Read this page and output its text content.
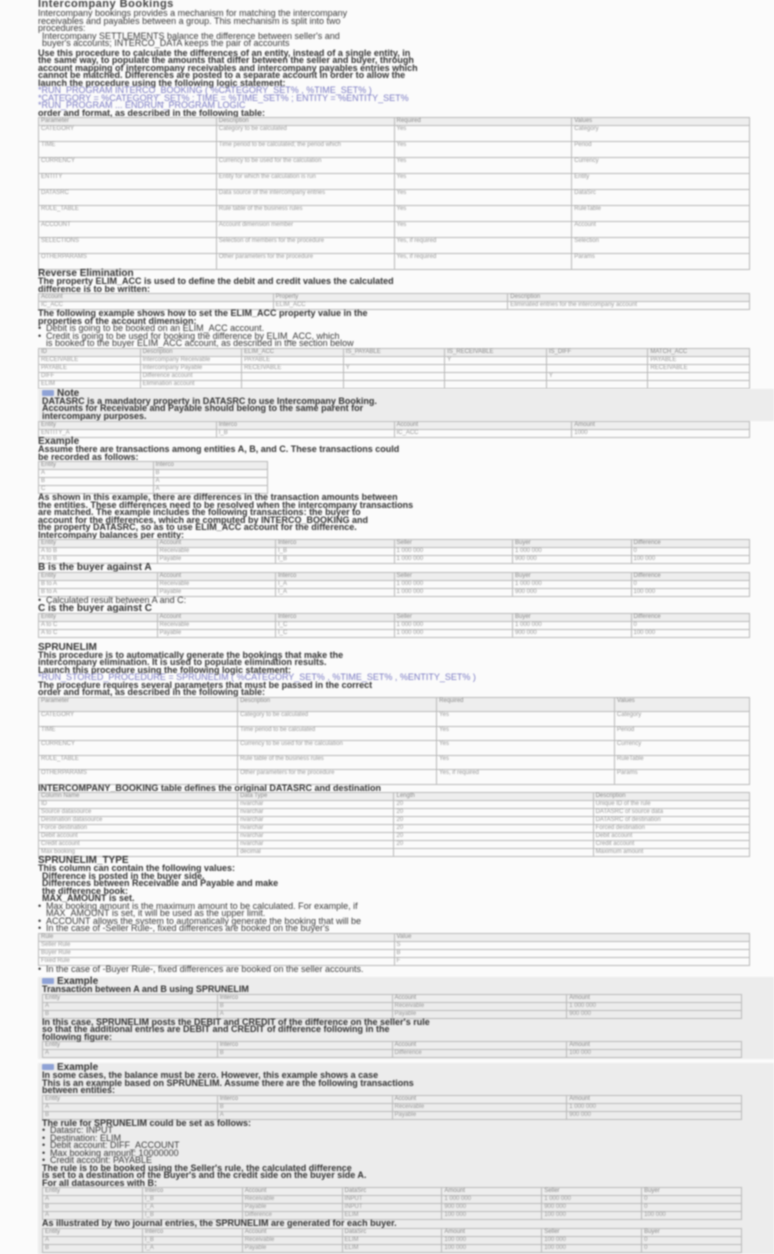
Intercompany Bookings

Intercompany bookings provides a mechanism for matching the intercompany

receivables and payables between a group. This mechanism is split into two

procedures:

Intercompany SETTLEMENTS balance the difference between seller's and

buyer's accounts; INTERCO_DATA keeps the pair of accounts

Use this procedure to calculate the differences of an entity, instead of a single entity, in

the same way, to populate the amounts that differ between the seller and buyer, through

account mapping of intercompany receivables and intercompany payables entries which

cannot be matched. Differences are posted to a separate account in order to allow the

launch the procedure using the following logic statement:

*RUN_PROGRAM INTERCO_BOOKING ( %CATEGORY_SET% , %TIME_SET% )

*CATEGORY = %CATEGORY_SET% ; TIME = %TIME_SET% ; ENTITY = %ENTITY_SET%

*RUN_PROGRAM ... ENDRUN_PROGRAM LOGIC

order and format, as described in the following table:

Parameter	Description	Required	Values
CATEGORY	Category to be calculated	Yes	Category
TIME	Time period to be calculated; the period which	Yes	Period
CURRENCY	Currency to be used for the calculation	Yes	Currency
ENTITY	Entity for which the calculation is run	Yes	Entity
DATASRC	Data source of the intercompany entries	Yes	DataSrc
RULE_TABLE	Rule table of the business rules	Yes	RuleTable
ACCOUNT	Account dimension member	Yes	Account
SELECTIONS	Selection of members for the procedure	Yes, if required	Selection
OTHERPARAMS	Other parameters for the procedure	Yes, if required	Params

Reverse Elimination

The property ELIM_ACC is used to define the debit and credit values the calculated

difference is to be written:

Account	Property	Description
IC_ACC	ELIM_ACC	Eliminated entries for the intercompany account

The following example shows how to set the ELIM_ACC property value in the

properties of the account dimension:

• Debit is going to be booked on an ELIM_ACC account.
• Credit is going to be used for booking the difference by ELIM_ACC, which
is booked to the buyer ELIM_ACC account, as described in the section below
ID	Description	ELIM_ACC	IS_PAYABLE	IS_RECEIVABLE	IS_DIFF	MATCH_ACC
RECEIVABLE	Intercompany Receivable	PAYABLE		Y		PAYABLE
PAYABLE	Intercompany Payable	RECEIVABLE	Y			RECEIVABLE
DIFF	Difference account				Y	
ELIM	Elimination account					

Note

DATASRC is a mandatory property in DATASRC to use Intercompany Booking.

Accounts for Receivable and Payable should belong to the same parent for

intercompany purposes.

Entity	Interco	Account	Amount
ENTITY_A	I_B	IC_ACC	1000

Example

Assume there are transactions among entities A, B, and C. These transactions could

be recorded as follows:

Entity	Interco
A	B
B	A
C	A

As shown in this example, there are differences in the transaction amounts between

the entities. These differences need to be resolved when the intercompany transactions

are matched. The example includes the following transactions: the buyer to

account for the differences, which are computed by INTERCO_BOOKING and

the property DATASRC, so as to use ELIM_ACC account for the difference.

Intercompany balances per entity:

Entity	Account	Interco	Seller	Buyer	Difference
A to B	Receivable	I_B	1 000 000	1 000 000	0
A to B	Payable	I_B	1 000 000	900 000	100 000

B is the buyer against A

Entity	Account	Interco	Seller	Buyer	Difference
B to A	Receivable	I_A	1 000 000	1 000 000	0
B to A	Payable	I_A	1 000 000	900 000	100 000
• Calculated result between A and C:

C is the buyer against C

Entity	Account	Interco	Seller	Buyer	Difference
A to C	Receivable	I_C	1 000 000	1 000 000	0
A to C	Payable	I_C	1 000 000	900 000	100 000

SPRUNELIM

This procedure is to automatically generate the bookings that make the

intercompany elimination. It is used to populate elimination results.

Launch this procedure using the following logic statement:

*RUN_STORED_PROCEDURE = SPRUNELIM ( %CATEGORY_SET% , %TIME_SET% , %ENTITY_SET% )

The procedure requires several parameters that must be passed in the correct

order and format, as described in the following table:

Parameter	Description	Required	Values
CATEGORY	Category to be calculated	Yes	Category
TIME	Time period to be calculated	Yes	Period
CURRENCY	Currency to be used for the calculation	Yes	Currency
RULE_TABLE	Rule table of the business rules	Yes	RuleTable
OTHERPARAMS	Other parameters for the procedure	Yes, if required	Params

INTERCOMPANY_BOOKING table defines the original DATASRC and destination

Column Name	Data Type	Length	Description
ID	nvarchar	20	Unique ID of the rule
Source datasource	nvarchar	20	DATASRC of source data
Destination datasource	nvarchar	20	DATASRC of destination
Force destination	nvarchar	20	Forced destination
Debit account	nvarchar	20	Debit account
Credit account	nvarchar	20	Credit account
Max booking	decimal		Maximum amount

SPRUNELIM_TYPE

This column can contain the following values:

Difference is posted in the buyer side.

Differences between Receivable and Payable and make

the difference book:

MAX_AMOUNT is set.

• Max booking amount is the maximum amount to be calculated. For example, if
MAX_AMOUNT is set, it will be used as the upper limit.
• ACCOUNT allows the system to automatically generate the booking that will be
• In the case of -Seller Rule-, fixed differences are booked on the buyer's
Rule	Value
Seller Rule	S
Buyer Rule	B
Fixed Rule	F
• In the case of -Buyer Rule-, fixed differences are booked on the seller accounts.

Example

Transaction between A and B using SPRUNELIM

Entity	Interco	Account	Amount
A	B	Receivable	1 000 000
B	A	Payable	900 000

In this case, SPRUNELIM posts the DEBIT and CREDIT of the difference on the seller's rule

so that the additional entries are DEBIT and CREDIT of difference following in the

following figure:

Entity	Interco	Account	Amount
A	B	Difference	100 000

Example

In some cases, the balance must be zero. However, this example shows a case

This is an example based on SPRUNELIM. Assume there are the following transactions

between entities:

Entity	Interco	Account	Amount
A	B	Receivable	1 000 000
B	A	Payable	900 000

The rule for SPRUNELIM could be set as follows:

• Datasrc: INPUT
• Destination: ELIM
• Debit account: DIFF_ACCOUNT
• Max booking amount: 10000000
• Credit account: PAYABLE

The rule is to be booked using the Seller's rule, the calculated difference

is set to a destination of the Buyer's and the credit side on the buyer side A.

For all datasources with B:

Entity	Interco	Account	DataSrc	Amount	Seller	Buyer
A	I_B	Receivable	INPUT	1 000 000	1 000 000	0
B	I_A	Payable	INPUT	900 000	900 000	0
A	I_B	Difference	ELIM	100 000	100 000	100 000

As illustrated by two journal entries, the SPRUNELIM are generated for each buyer.

Entity	Interco	Account	DataSrc	Amount	Seller	Buyer
A	I_B	Receivable	ELIM	100 000	100 000	0
B	I_A	Payable	ELIM	100 000	100 000	0
